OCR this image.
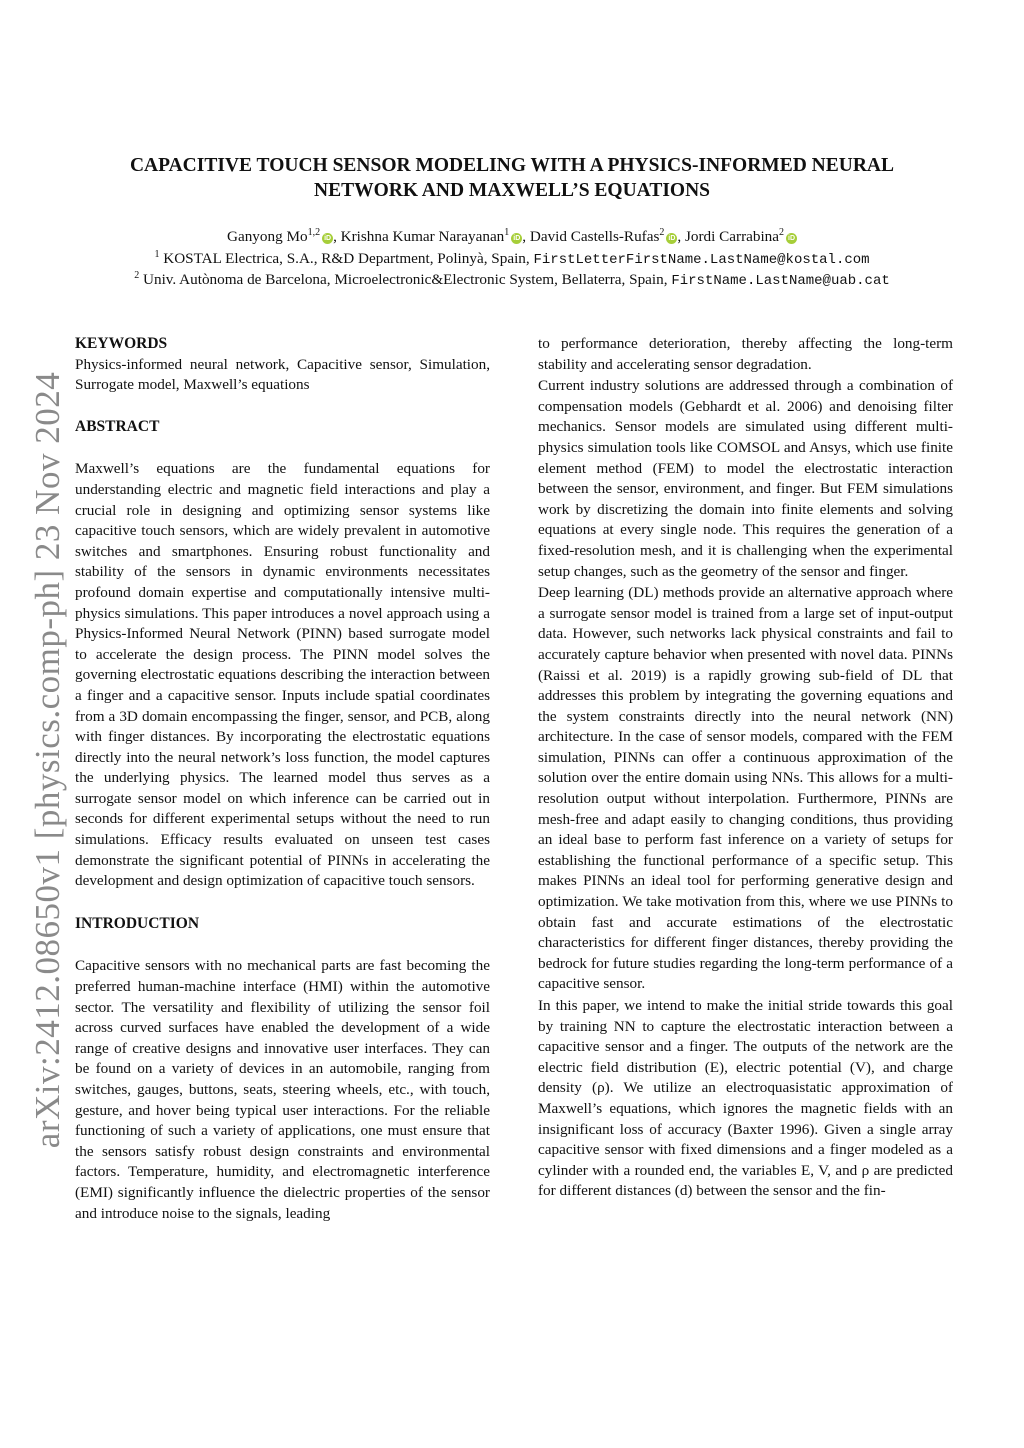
arXiv:2412.08650v1 [physics.comp-ph] 23 Nov 2024
CAPACITIVE TOUCH SENSOR MODELING WITH A PHYSICS-INFORMED NEURAL
NETWORK AND MAXWELL’S EQUATIONS
Ganyong Mo$^{1,2}$iD , Krishna Kumar Narayanan$^1$iD , David Castells-Rufas$^2$iD , Jordi Carrabina$^2$iD
$^1$ KOSTAL Electrica, S.A., R&D Department, Polinyà, Spain, FirstLetterFirstName.LastName@kostal.com
$^2$ Univ. Autònoma de Barcelona, Microelectronic&Electronic System, Bellaterra, Spain, FirstName.LastName@uab.cat

KEYWORDS

Physics-informed neural network, Capacitive sensor, Simulation, Surrogate model, Maxwell’s equations

ABSTRACT

Maxwell’s equations are the fundamental equations for understanding electric and magnetic field interactions and play a crucial role in designing and optimizing sensor systems like capacitive touch sensors, which are widely prevalent in automotive switches and smartphones. Ensuring robust functionality and stability of the sensors in dynamic environments necessitates profound domain expertise and computationally intensive multi-physics simulations. This paper introduces a novel approach using a Physics-Informed Neural Network (PINN) based surrogate model to accelerate the design process. The PINN model solves the governing electrostatic equations describing the interaction between a finger and a capacitive sensor. Inputs include spatial coordinates from a 3D domain encompassing the finger, sensor, and PCB, along with finger distances. By incorporating the electrostatic equations directly into the neural network’s loss function, the model captures the underlying physics. The learned model thus serves as a surrogate sensor model on which inference can be carried out in seconds for different experimental setups without the need to run simulations. Efficacy results evaluated on unseen test cases demonstrate the significant potential of PINNs in accelerating the development and design optimization of capacitive touch sensors.

INTRODUCTION

Capacitive sensors with no mechanical parts are fast becoming the preferred human-machine interface (HMI) within the automotive sector. The versatility and flexibility of utilizing the sensor foil across curved surfaces have enabled the development of a wide range of creative designs and innovative user interfaces. They can be found on a variety of devices in an automobile, ranging from switches, gauges, buttons, seats, steering wheels, etc., with touch, gesture, and hover being typical user interactions. For the reliable functioning of such a variety of applications, one must ensure that the sensors satisfy robust design constraints and environmental factors. Temperature, humidity, and electromagnetic interference (EMI) significantly influence the dielectric properties of the sensor and introduce noise to the signals, leading

to performance deterioration, thereby affecting the long-term stability and accelerating sensor degradation.

Current industry solutions are addressed through a combination of compensation models (Gebhardt et al. 2006) and denoising filter mechanics. Sensor models are simulated using different multi-physics simulation tools like COMSOL and Ansys, which use finite element method (FEM) to model the electrostatic interaction between the sensor, environment, and finger. But FEM simulations work by discretizing the domain into finite elements and solving equations at every single node. This requires the generation of a fixed-resolution mesh, and it is challenging when the experimental setup changes, such as the geometry of the sensor and finger.

Deep learning (DL) methods provide an alternative approach where a surrogate sensor model is trained from a large set of input-output data. However, such networks lack physical constraints and fail to accurately capture behavior when presented with novel data. PINNs (Raissi et al. 2019) is a rapidly growing sub-field of DL that addresses this problem by integrating the governing equations and the system constraints directly into the neural network (NN) architecture. In the case of sensor models, compared with the FEM simulation, PINNs can offer a continuous approximation of the solution over the entire domain using NNs. This allows for a multi-resolution output without interpolation. Furthermore, PINNs are mesh-free and adapt easily to changing conditions, thus providing an ideal base to perform fast inference on a variety of setups for establishing the functional performance of a specific setup. This makes PINNs an ideal tool for performing generative design and optimization. We take motivation from this, where we use PINNs to obtain fast and accurate estimations of the electrostatic characteristics for different finger distances, thereby providing the bedrock for future studies regarding the long-term performance of a capacitive sensor.

In this paper, we intend to make the initial stride towards this goal by training NN to capture the electrostatic interaction between a capacitive sensor and a finger. The outputs of the network are the electric field distribution (E), electric potential (V), and charge density (ρ). We utilize an electroquasistatic approximation of Maxwell’s equations, which ignores the magnetic fields with an insignificant loss of accuracy (Baxter 1996). Given a single array capacitive sensor with fixed dimensions and a finger modeled as a cylinder with a rounded end, the variables E, V, and ρ are predicted for different distances (d) between the sensor and the fin-
